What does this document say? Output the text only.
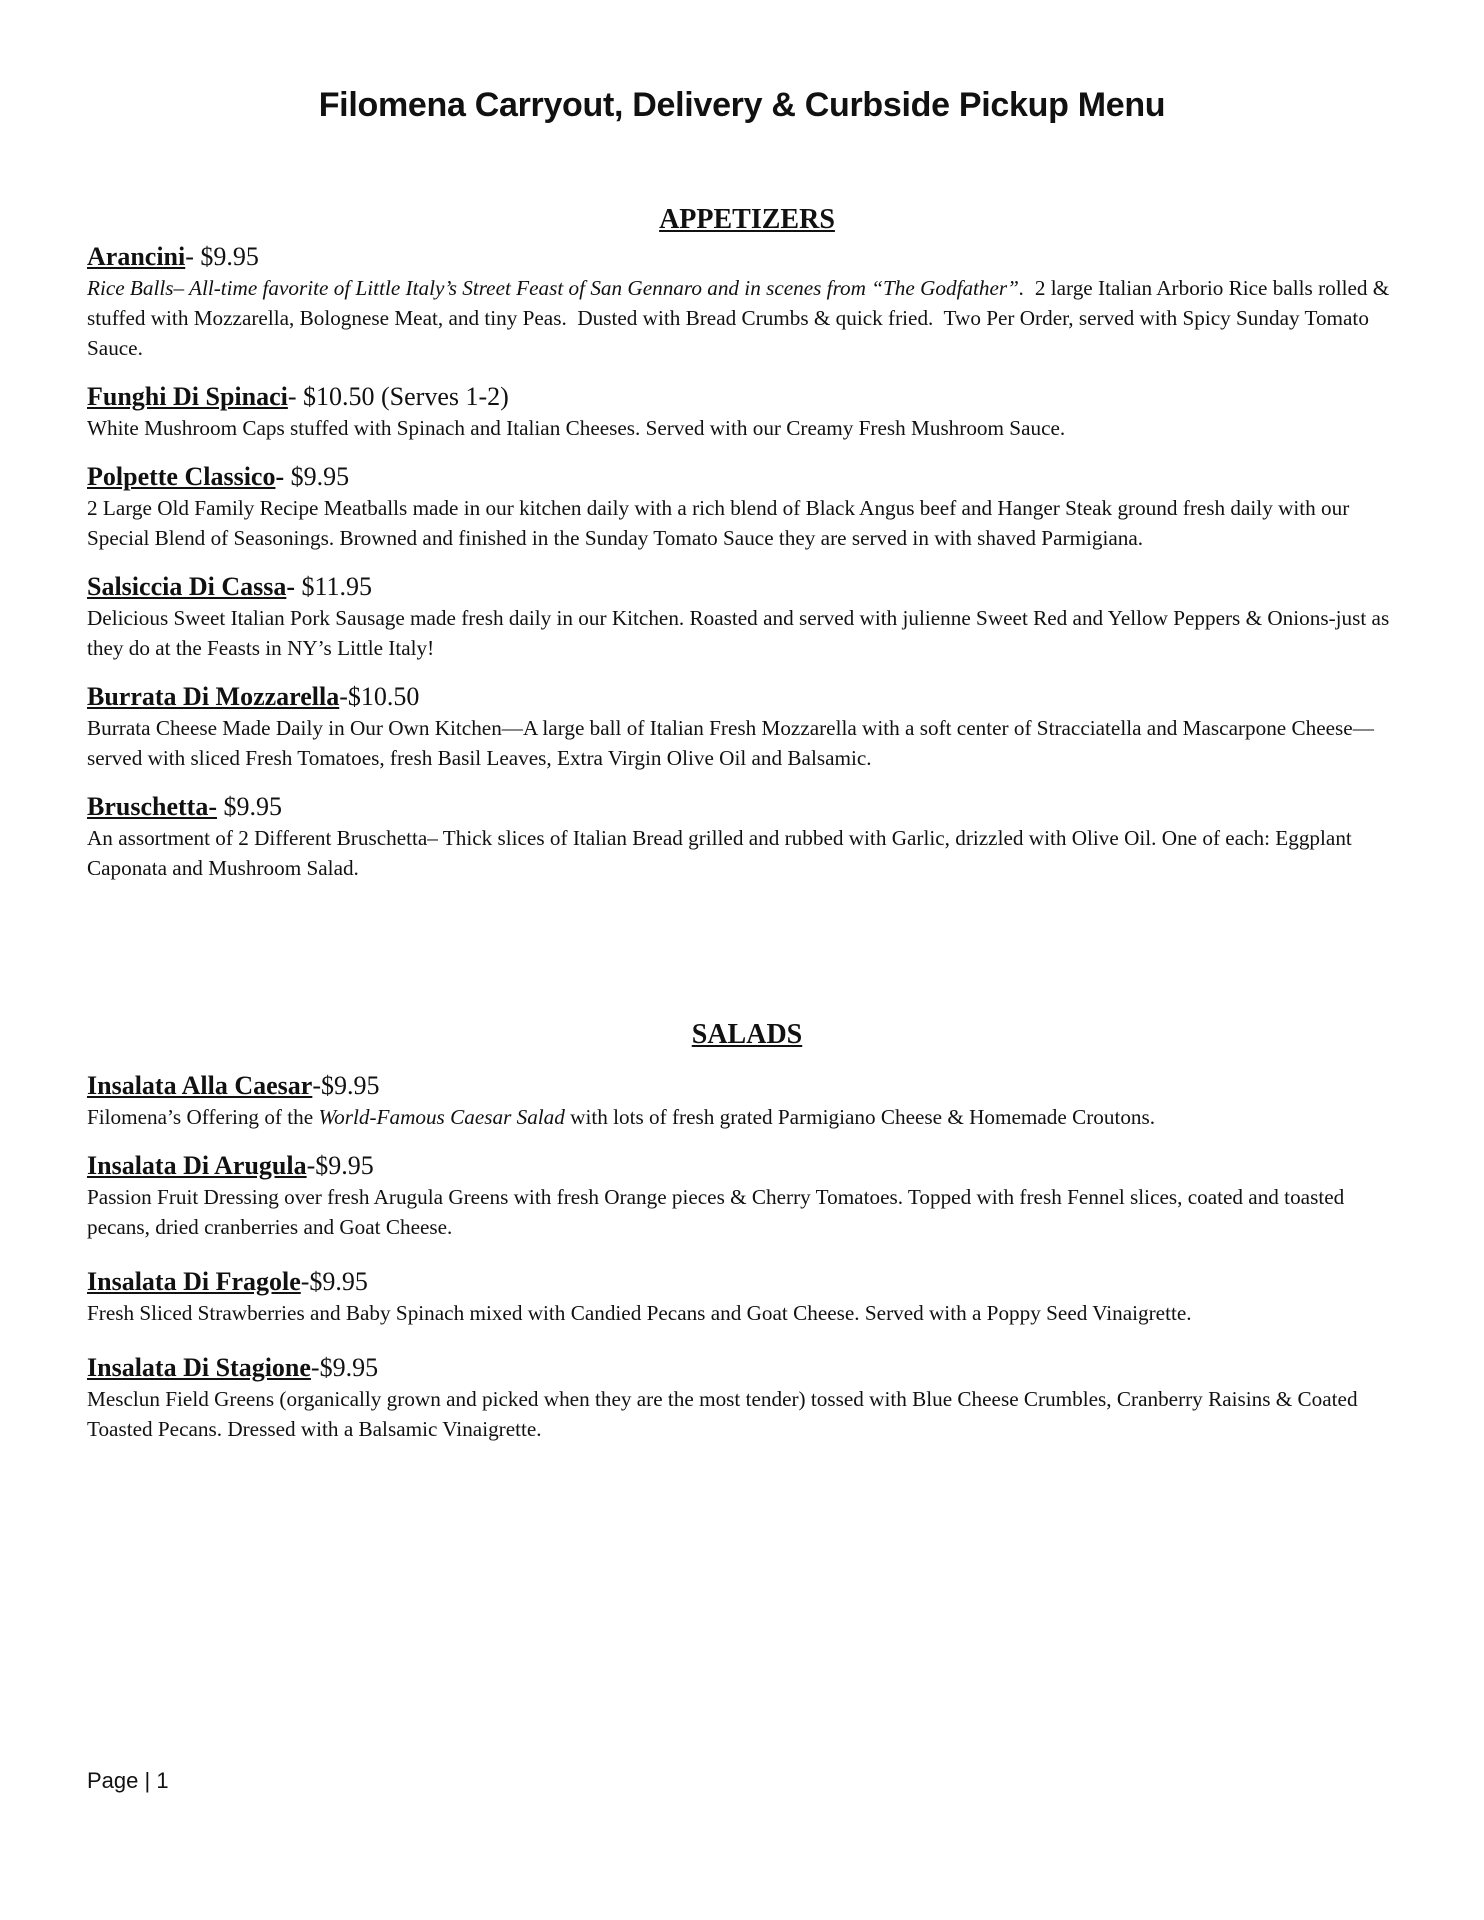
Filomena Carryout, Delivery & Curbside Pickup Menu
APPETIZERS
Arancini- $9.95

Rice Balls– All-time favorite of Little Italy’s Street Feast of San Gennaro and in scenes from “The Godfather”.  2 large Italian Arborio Rice balls rolled & stuffed with Mozzarella, Bolognese Meat, and tiny Peas.  Dusted with Bread Crumbs & quick fried.  Two Per Order, served with Spicy Sunday Tomato Sauce.

Funghi Di Spinaci- $10.50 (Serves 1-2)

White Mushroom Caps stuffed with Spinach and Italian Cheeses. Served with our Creamy Fresh Mushroom Sauce.

Polpette Classico- $9.95

2 Large Old Family Recipe Meatballs made in our kitchen daily with a rich blend of Black Angus beef and Hanger Steak ground fresh daily with our Special Blend of Seasonings. Browned and finished in the Sunday Tomato Sauce they are served in with shaved Parmigiana.

Salsiccia Di Cassa- $11.95

Delicious Sweet Italian Pork Sausage made fresh daily in our Kitchen. Roasted and served with julienne Sweet Red and Yellow Peppers & Onions-just as they do at the Feasts in NY’s Little Italy!

Burrata Di Mozzarella-$10.50

Burrata Cheese Made Daily in Our Own Kitchen—A large ball of Italian Fresh Mozzarella with a soft center of Stracciatella and Mascarpone Cheese—served with sliced Fresh Tomatoes, fresh Basil Leaves, Extra Virgin Olive Oil and Balsamic.

Bruschetta- $9.95

An assortment of 2 Different Bruschetta– Thick slices of Italian Bread grilled and rubbed with Garlic, drizzled with Olive Oil. One of each: Eggplant Caponata and Mushroom Salad.

SALADS
Insalata Alla Caesar-$9.95

Filomena’s Offering of the World-Famous Caesar Salad with lots of fresh grated Parmigiano Cheese & Homemade Croutons.

Insalata Di Arugula-$9.95

Passion Fruit Dressing over fresh Arugula Greens with fresh Orange pieces & Cherry Tomatoes. Topped with fresh Fennel slices, coated and toasted pecans, dried cranberries and Goat Cheese.

Insalata Di Fragole-$9.95

Fresh Sliced Strawberries and Baby Spinach mixed with Candied Pecans and Goat Cheese. Served with a Poppy Seed Vinaigrette.

Insalata Di Stagione-$9.95

Mesclun Field Greens (organically grown and picked when they are the most tender) tossed with Blue Cheese Crumbles, Cranberry Raisins & Coated Toasted Pecans. Dressed with a Balsamic Vinaigrette.

Page | 1
